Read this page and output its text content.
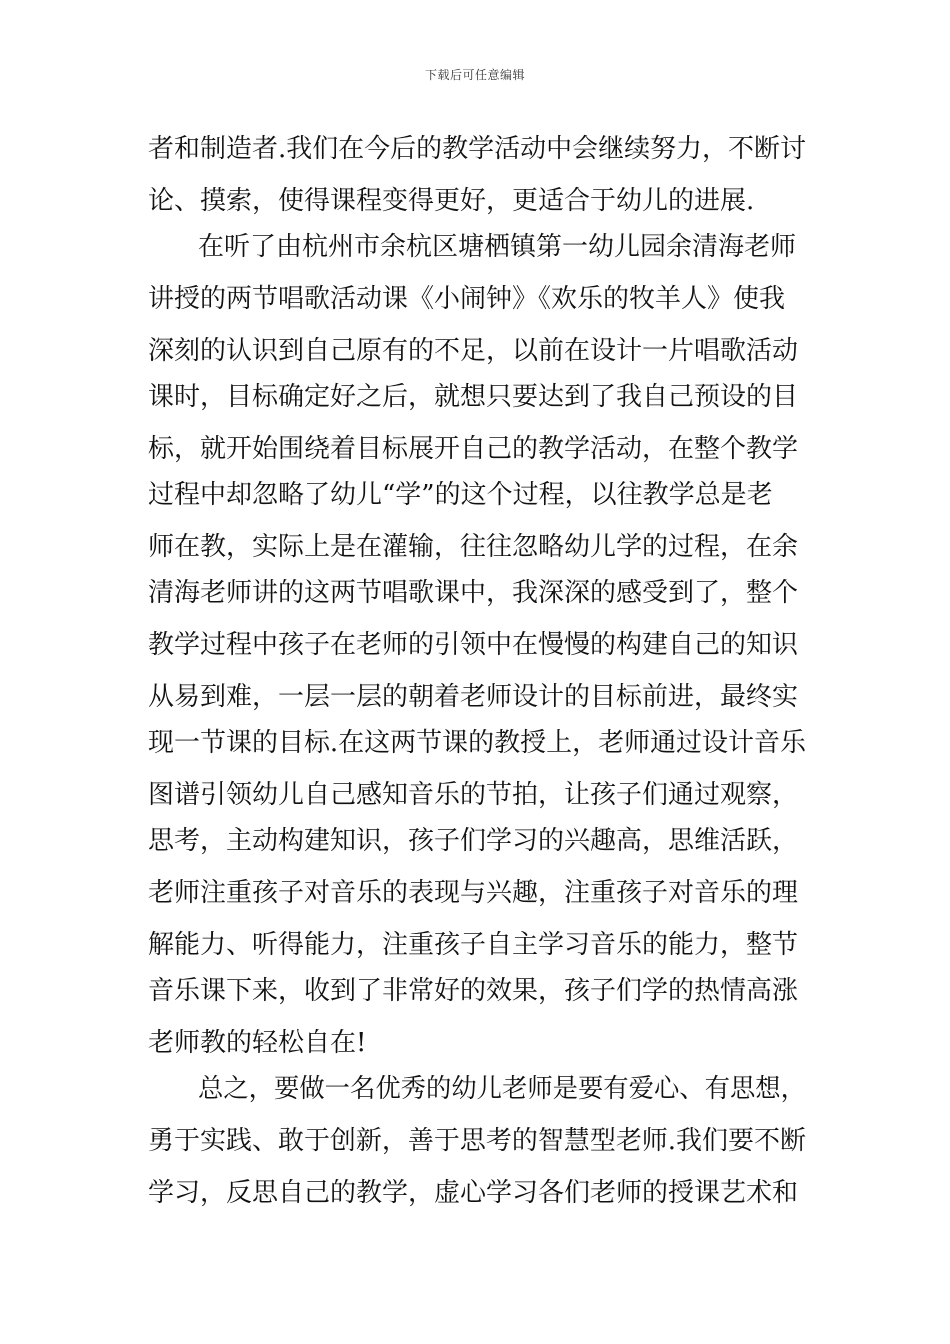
下载后可任意编辑
者和制造者.我们在今后的教学活动中会继续努力，不断讨
论、摸索，使得课程变得更好，更适合于幼儿的进展.
在听了由杭州市余杭区塘栖镇第一幼儿园余清海老师
讲授的两节唱歌活动课《小闹钟》《欢乐的牧羊人》使我
深刻的认识到自己原有的不足，以前在设计一片唱歌活动
课时，目标确定好之后，就想只要达到了我自己预设的目
标，就开始围绕着目标展开自己的教学活动，在整个教学
过程中却忽略了幼儿“学”的这个过程，以往教学总是老
师在教，实际上是在灌输，往往忽略幼儿学的过程，在余
清海老师讲的这两节唱歌课中，我深深的感受到了，整个
教学过程中孩子在老师的引领中在慢慢的构建自己的知识
从易到难，一层一层的朝着老师设计的目标前进，最终实
现一节课的目标.在这两节课的教授上，老师通过设计音乐
图谱引领幼儿自己感知音乐的节拍，让孩子们通过观察，
思考，主动构建知识，孩子们学习的兴趣高，思维活跃，
老师注重孩子对音乐的表现与兴趣，注重孩子对音乐的理
解能力、听得能力，注重孩子自主学习音乐的能力，整节
音乐课下来，收到了非常好的效果，孩子们学的热情高涨
老师教的轻松自在!
总之，要做一名优秀的幼儿老师是要有爱心、有思想，
勇于实践、敢于创新，善于思考的智慧型老师.我们要不断
学习，反思自己的教学，虚心学习各们老师的授课艺术和
